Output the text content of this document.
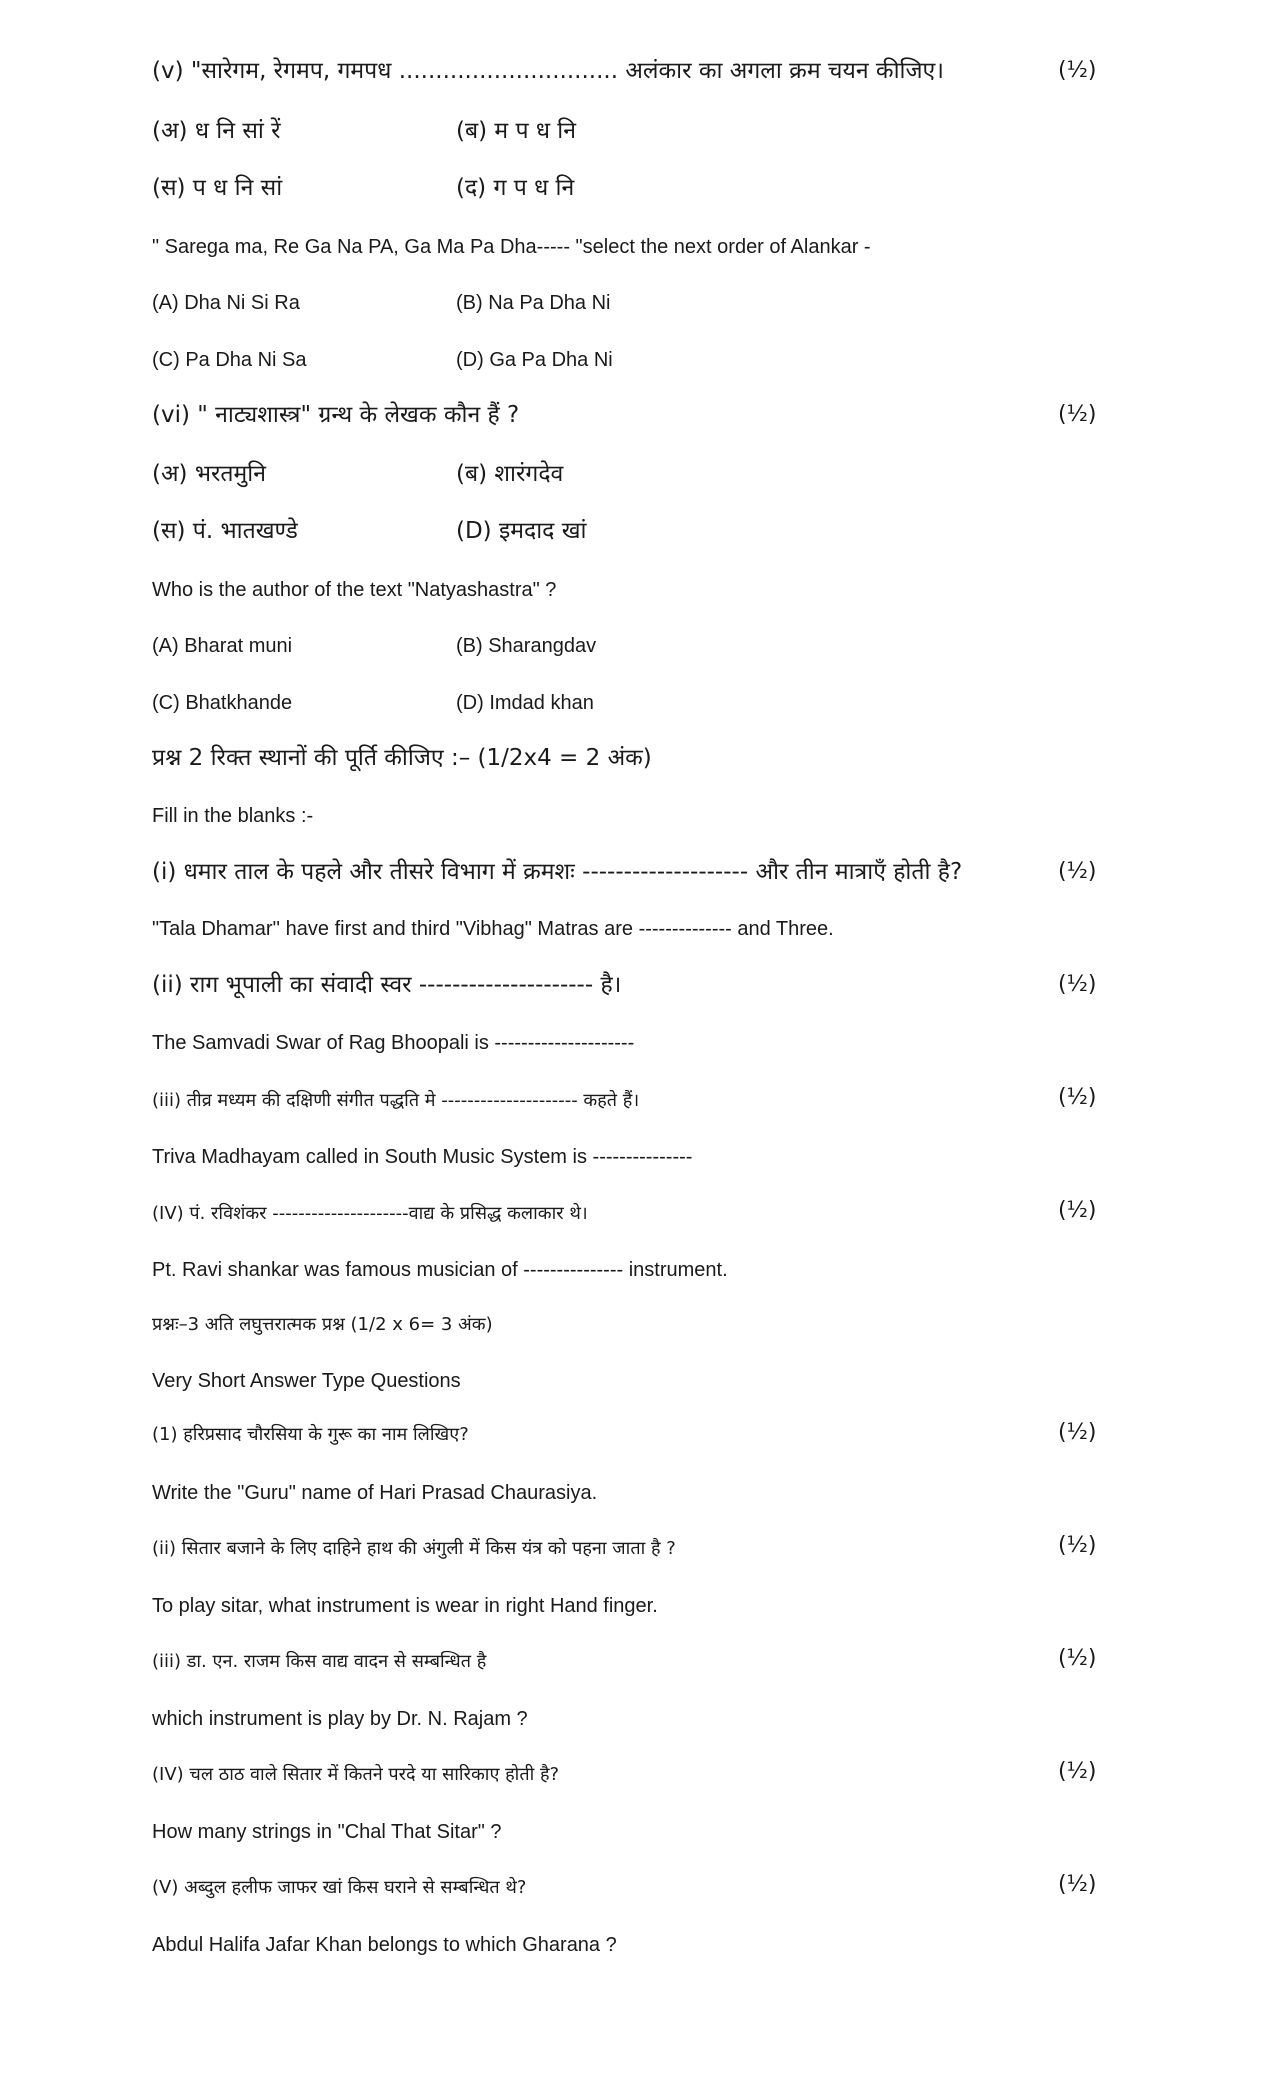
(v) "सारेगम, रेगमप, गमपध .............................. अलंकार का अगला क्रम चयन कीजिए।	(½)
(अ) ध नि सां रें	(ब) म प ध नि
(स) प ध नि सां	(द) ग प ध नि
" Sarega ma, Re Ga Na PA, Ga Ma Pa Dha----- "select the next order of Alankar -
(A) Dha Ni Si Ra	(B) Na Pa Dha Ni
(C) Pa Dha Ni Sa	(D) Ga Pa Dha Ni
(vi) " नाट्यशास्त्र" ग्रन्थ के लेखक कौन हैं ?	(½)
(अ) भरतमुनि	(ब) शारंगदेव
(स) पं. भातखण्डे	(D) इमदाद खां
Who is the author of the text "Natyashastra" ?
(A) Bharat muni	(B) Sharangdav
(C) Bhatkhande	(D) Imdad khan
प्रश्न 2 रिक्त स्थानों की पूर्ति कीजिए :– (1/2x4 = 2 अंक)
Fill in the blanks :-
(i) धमार ताल के पहले और तीसरे विभाग में क्रमशः -------------------- और तीन मात्राएँ होती है?	(½)
"Tala Dhamar'' have first and third "Vibhag" Matras are -------------- and Three.
(ii) राग भूपाली का संवादी स्वर --------------------- है।	(½)
The Samvadi Swar of Rag Bhoopali is ---------------------
(iii) तीव्र मध्यम की दक्षिणी संगीत पद्धति मे --------------------- कहते हैं।	(½)
Triva Madhayam called in South Music System is ---------------
(IV) पं. रविशंकर ---------------------वाद्य के प्रसिद्ध कलाकार थे।	(½)
Pt. Ravi shankar was famous musician of --------------- instrument.
प्रश्नः–3 अति लघुत्तरात्मक प्रश्न (1/2 x 6= 3 अंक)
Very Short Answer Type Questions
(1) हरिप्रसाद चौरसिया के गुरू का नाम लिखिए?	(½)
Write the "Guru" name of Hari Prasad Chaurasiya.
(ii) सितार बजाने के लिए दाहिने हाथ की अंगुली में किस यंत्र को पहना जाता है ?	(½)
To play sitar, what instrument is wear in right Hand finger.
(iii) डा. एन. राजम किस वाद्य वादन से सम्बन्धित है	(½)
which instrument is play by Dr. N. Rajam ?
(IV) चल ठाठ वाले सितार में कितने परदे या सारिकाए होती है?	(½)
How many strings in "Chal That Sitar" ?
(V) अब्दुल हलीफ जाफर खां किस घराने से सम्बन्धित थे?	(½)
Abdul Halifa Jafar Khan belongs to which Gharana ?
